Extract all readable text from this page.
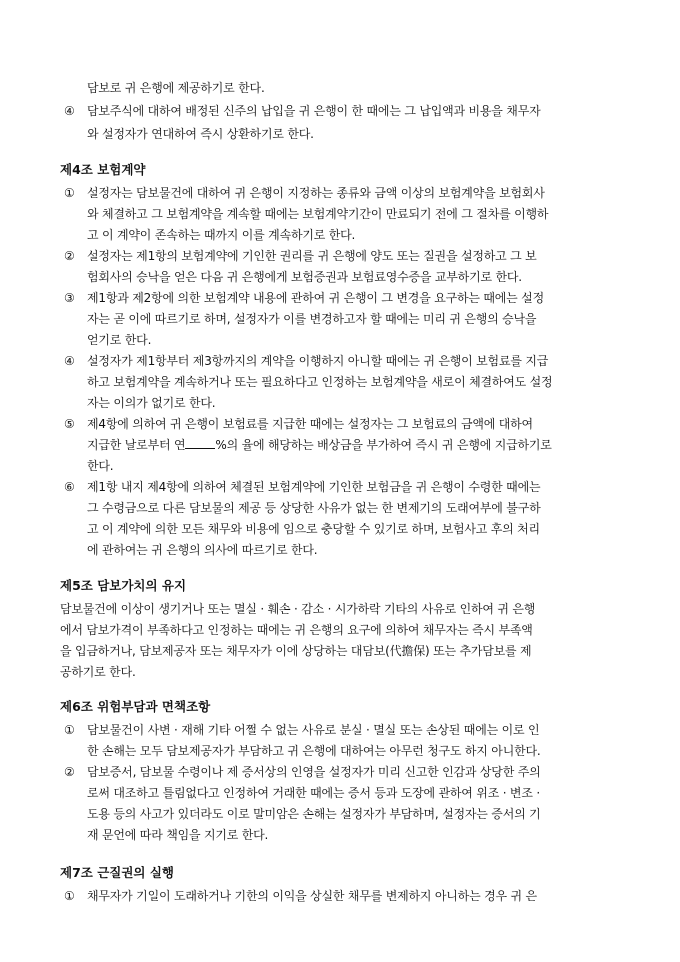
담보로 귀 은행에 제공하기로 한다.
④ 담보주식에 대하여 배정된 신주의 납입을 귀 은행이 한 때에는 그 납입액과 비용을 채무자
와 설정자가 연대하여 즉시 상환하기로 한다.
제4조 보험계약
① 설정자는 담보물건에 대하여 귀 은행이 지정하는 종류와 금액 이상의 보험계약을 보험회사
와 체결하고 그 보험계약을 계속할 때에는 보험계약기간이 만료되기 전에 그 절차를 이행하
고 이 계약이 존속하는 때까지 이를 계속하기로 한다.
② 설정자는 제1항의 보험계약에 기인한 권리를 귀 은행에 양도 또는 질권을 설정하고 그 보
험회사의 승낙을 얻은 다음 귀 은행에게 보험증권과 보험료영수증을 교부하기로 한다.
③ 제1항과 제2항에 의한 보험계약 내용에 관하여 귀 은행이 그 변경을 요구하는 때에는 설정
자는 곧 이에 따르기로 하며, 설정자가 이를 변경하고자 할 때에는 미리 귀 은행의 승낙을
얻기로 한다.
④ 설정자가 제1항부터 제3항까지의 계약을 이행하지 아니할 때에는 귀 은행이 보험료를 지급
하고 보험계약을 계속하거나 또는 필요하다고 인정하는 보험계약을 새로이 체결하여도 설정
자는 이의가 없기로 한다.
⑤ 제4항에 의하여 귀 은행이 보험료를 지급한 때에는 설정자는 그 보험료의 금액에 대하여
지급한 날로부터 연	%의 율에 해당하는 배상금을 부가하여 즉시 귀 은행에 지급하기로
한다.
⑥ 제1항 내지 제4항에 의하여 체결된 보험계약에 기인한 보험금을 귀 은행이 수령한 때에는
그 수령금으로 다른 담보물의 제공 등 상당한 사유가 없는 한 변제기의 도래여부에 불구하
고 이 계약에 의한 모든 채무와 비용에 임으로 충당할 수 있기로 하며, 보험사고 후의 처리
에 관하여는 귀 은행의 의사에 따르기로 한다.
제5조 담보가치의 유지
담보물건에 이상이 생기거나 또는 멸실 · 훼손 · 감소 · 시가하락 기타의 사유로 인하여 귀 은행
에서 담보가격이 부족하다고 인정하는 때에는 귀 은행의 요구에 의하여 채무자는 즉시 부족액
을 입금하거나, 담보제공자 또는 채무자가 이에 상당하는 대담보(代擔保) 또는 추가담보를 제
공하기로 한다.
제6조 위험부담과 면책조항
① 담보물건이 사변 · 재해 기타 어쩔 수 없는 사유로 분실 · 멸실 또는 손상된 때에는 이로 인
한 손해는 모두 담보제공자가 부담하고 귀 은행에 대하여는 아무런 청구도 하지 아니한다.
② 담보증서, 담보물 수령이나 제 증서상의 인영을 설정자가 미리 신고한 인감과 상당한 주의
로써 대조하고 틀림없다고 인정하여 거래한 때에는 증서 등과 도장에 관하여 위조 · 변조 ·
도용 등의 사고가 있더라도 이로 말미암은 손해는 설정자가 부담하며, 설정자는 증서의 기
재 문언에 따라 책임을 지기로 한다.
제7조 근질권의 실행
① 채무자가 기일이 도래하거나 기한의 이익을 상실한 채무를 변제하지 아니하는 경우 귀 은
